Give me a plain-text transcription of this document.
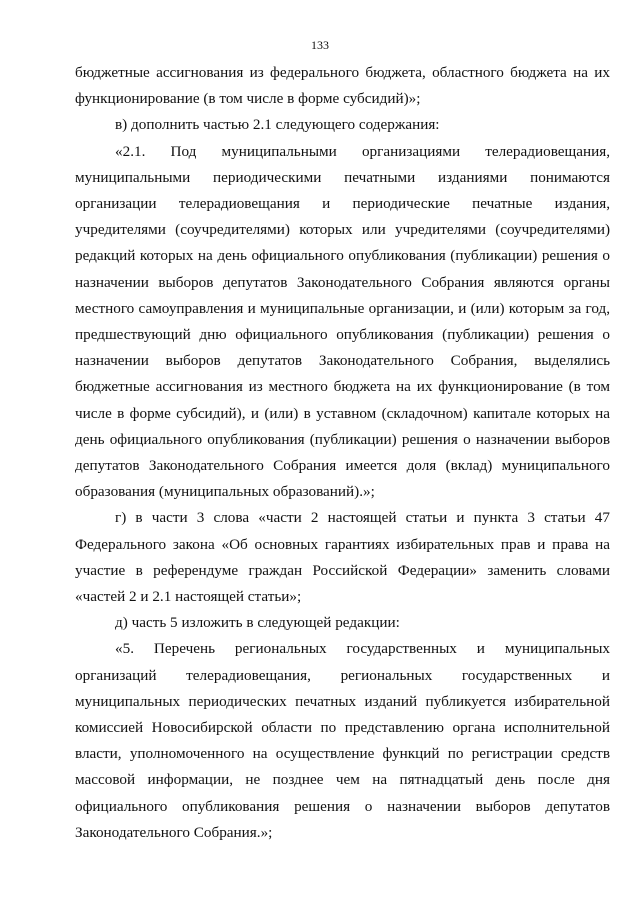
133

бюджетные ассигнования из федерального бюджета, областного бюджета на их функционирование (в том числе в форме субсидий)»;

в) дополнить частью 2.1 следующего содержания:

«2.1. Под муниципальными организациями телерадиовещания, муниципальными периодическими печатными изданиями понимаются организации телерадиовещания и периодические печатные издания, учредителями (соучредителями) которых или учредителями (соучредителями) редакций которых на день официального опубликования (публикации) решения о назначении выборов депутатов Законодательного Собрания являются органы местного самоуправления и муниципальные организации, и (или) которым за год, предшествующий дню официального опубликования (публикации) решения о назначении выборов депутатов Законодательного Собрания, выделялись бюджетные ассигнования из местного бюджета на их функционирование (в том числе в форме субсидий), и (или) в уставном (складочном) капитале которых на день официального опубликования (публикации) решения о назначении выборов депутатов Законодательного Собрания имеется доля (вклад) муниципального образования (муниципальных образований).»;

г) в части 3 слова «части 2 настоящей статьи и пункта 3 статьи 47 Федерального закона «Об основных гарантиях избирательных прав и права на участие в референдуме граждан Российской Федерации» заменить словами «частей 2 и 2.1 настоящей статьи»;

д) часть 5 изложить в следующей редакции:

«5. Перечень региональных государственных и муниципальных организаций телерадиовещания, региональных государственных и муниципальных периодических печатных изданий публикуется избирательной комиссией Новосибирской области по представлению органа исполнительной власти, уполномоченного на осуществление функций по регистрации средств массовой информации, не позднее чем на пятнадцатый день после дня официального опубликования решения о назначении выборов депутатов Законодательного Собрания.»;
